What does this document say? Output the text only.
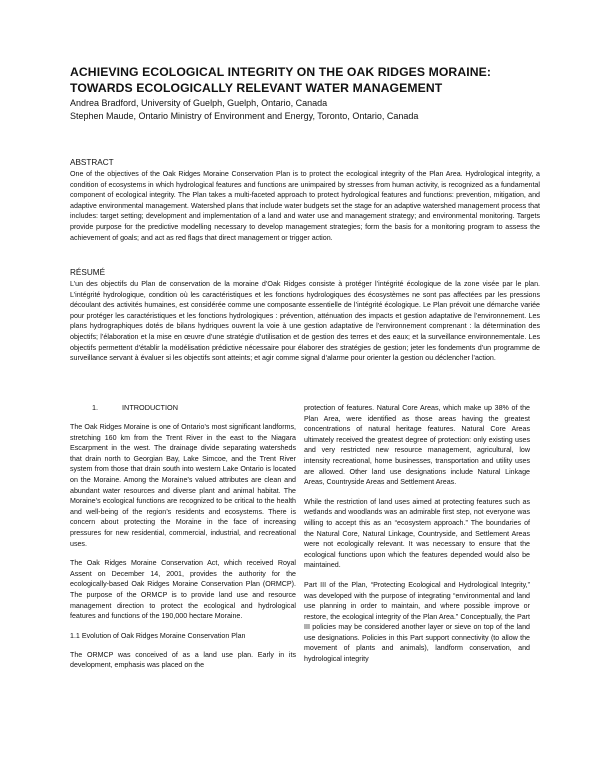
ACHIEVING ECOLOGICAL INTEGRITY ON THE OAK RIDGES MORAINE: TOWARDS ECOLOGICALLY RELEVANT WATER MANAGEMENT
Andrea Bradford, University of Guelph, Guelph, Ontario, Canada
Stephen Maude, Ontario Ministry of Environment and Energy, Toronto, Ontario, Canada
ABSTRACT

One of the objectives of the Oak Ridges Moraine Conservation Plan is to protect the ecological integrity of the Plan Area. Hydrological integrity, a condition of ecosystems in which hydrological features and functions are unimpaired by stresses from human activity, is recognized as a fundamental component of ecological integrity. The Plan takes a multi-faceted approach to protect hydrological features and functions: prevention, mitigation, and adaptive environmental management. Watershed plans that include water budgets set the stage for an adaptive watershed management process that includes: target setting; development and implementation of a land and water use and management strategy; and environmental monitoring. Targets provide purpose for the predictive modelling necessary to develop management strategies; form the basis for a monitoring program to assess the achievement of goals; and act as red flags that direct management or trigger action.

RÉSUMÉ

L’un des objectifs du Plan de conservation de la moraine d’Oak Ridges consiste à protéger l’intégrité écologique de la zone visée par le plan. L’intégrité hydrologique, condition où les caractéristiques et les fonctions hydrologiques des écosystèmes ne sont pas affectées par les pressions découlant des activités humaines, est considérée comme une composante essentielle de l’intégrité écologique. Le Plan prévoit une démarche variée pour protéger les caractéristiques et les fonctions hydrologiques : prévention, atténuation des impacts et gestion adaptative de l’environnement. Les plans hydrographiques dotés de bilans hydriques ouvrent la voie à une gestion adaptative de l’environnement comprenant : la détermination des objectifs; l’élaboration et la mise en œuvre d’une stratégie d’utilisation et de gestion des terres et des eaux; et la surveillance environnementale. Les objectifs permettent d’établir la modélisation prédictive nécessaire pour élaborer des stratégies de gestion; jeter les fondements d’un programme de surveillance servant à évaluer si les objectifs sont atteints; et agir comme signal d’alarme pour orienter la gestion ou déclencher l’action.

1.	INTRODUCTION

The Oak Ridges Moraine is one of Ontario’s most significant landforms, stretching 160 km from the Trent River in the east to the Niagara Escarpment in the west. The drainage divide separating watersheds that drain north to Georgian Bay, Lake Simcoe, and the Trent River system from those that drain south into western Lake Ontario is located on the Moraine. Among the Moraine’s valued attributes are clean and abundant water resources and diverse plant and animal habitat. The Moraine’s ecological functions are recognized to be critical to the health and well-being of the region’s residents and ecosystems. There is concern about protecting the Moraine in the face of increasing pressures for new residential, commercial, industrial, and recreational uses.

The Oak Ridges Moraine Conservation Act, which received Royal Assent on December 14, 2001, provides the authority for the ecologically-based Oak Ridges Moraine Conservation Plan (ORMCP). The purpose of the ORMCP is to provide land use and resource management direction to protect the ecological and hydrological features and functions of the 190,000 hectare Moraine.

1.1 Evolution of Oak Ridges Moraine Conservation Plan

The ORMCP was conceived of as a land use plan. Early in its development, emphasis was placed on the

protection of features. Natural Core Areas, which make up 38% of the Plan Area, were identified as those areas having the greatest concentrations of natural heritage features. Natural Core Areas ultimately received the greatest degree of protection: only existing uses and very restricted new resource management, agricultural, low intensity recreational, home businesses, transportation and utility uses are allowed. Other land use designations include Natural Linkage Areas, Countryside Areas and Settlement Areas.

While the restriction of land uses aimed at protecting features such as wetlands and woodlands was an admirable first step, not everyone was willing to accept this as an “ecosystem approach.” The boundaries of the Natural Core, Natural Linkage, Countryside, and Settlement Areas were not ecologically relevant. It was necessary to ensure that the ecological functions upon which the features depended would also be maintained.

Part III of the Plan, “Protecting Ecological and Hydrological Integrity,” was developed with the purpose of integrating “environmental and land use planning in order to maintain, and where possible improve or restore, the ecological integrity of the Plan Area.” Conceptually, the Part III policies may be considered another layer or sieve on top of the land use designations. Policies in this Part support connectivity (to allow the movement of plants and animals), landform conservation, and hydrological integrity
